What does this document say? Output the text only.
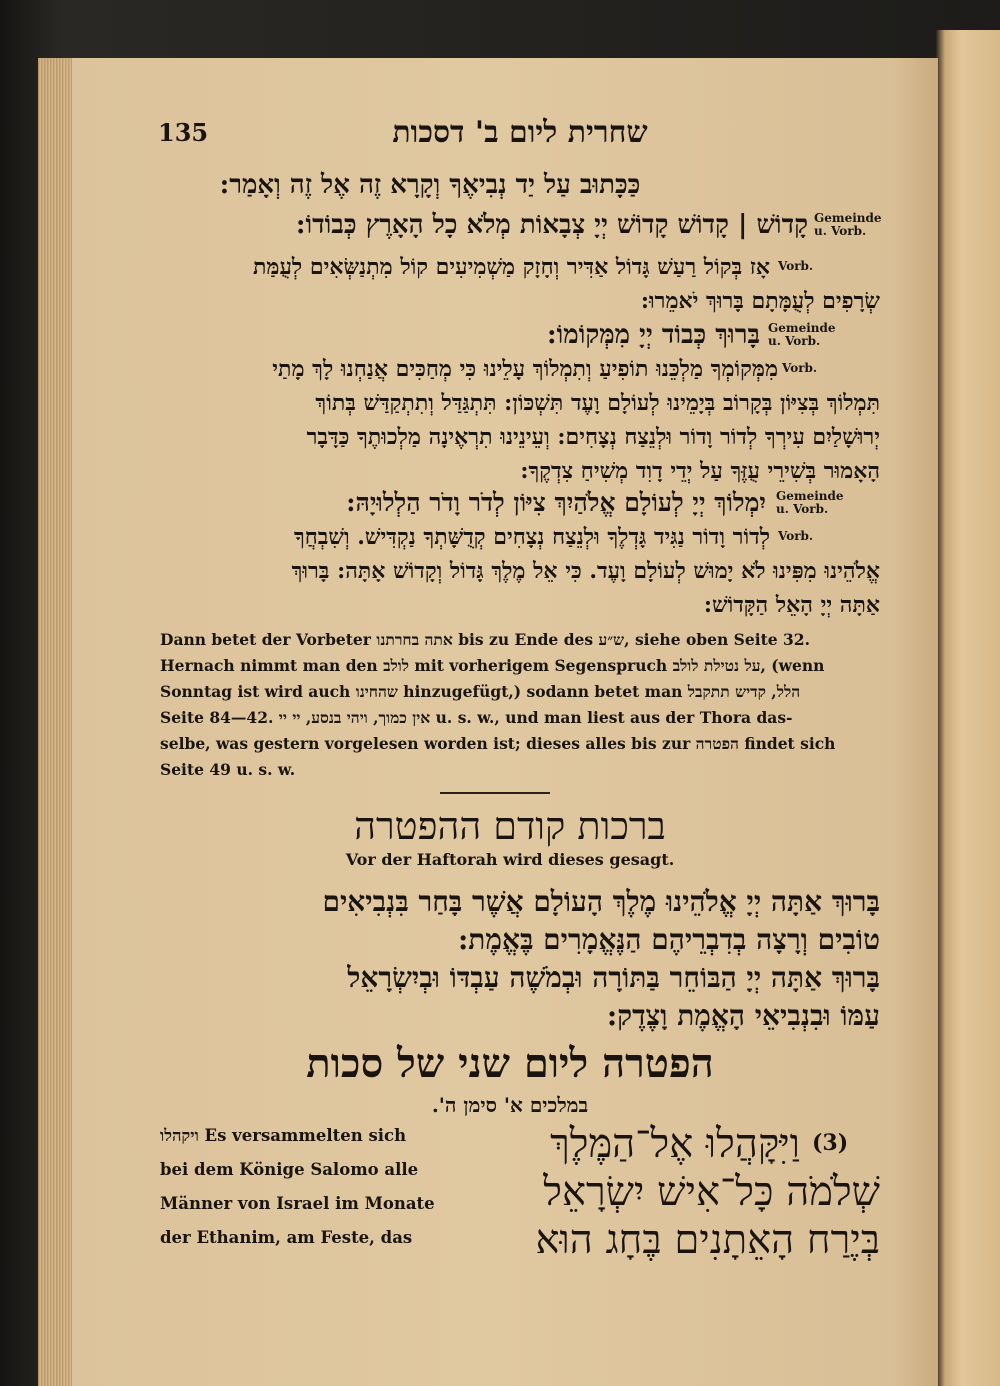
135	שחרית ליום ב' דסכות
כַּכָּתוּב עַל יַד נְבִיאֶךָ וְקָרָא זֶה אֶל זֶה וְאָמַר:
קָדוֹשׁ | קָדוֹשׁ קָדוֹשׁ יְיָ צְבָאוֹת מְלֹא כָל הָאָרֶץ כְּבוֹדוֹ: Gemeinde
u. Vorb.
אָז בְּקוֹל רַעַשׁ גָּדוֹל אַדִּיר וְחָזָק מַשְׁמִיעִים קוֹל מִתְנַשְּׂאִים לְעֻמַּת Vorb.
שְׂרָפִים לְעֻמָּתָם בָּרוּךְ יֹאמֵרוּ:
בָּרוּךְ כְּבוֹד יְיָ מִמְּקוֹמוֹ: Gemeinde
u. Vorb.
מִמְּקוֹמְךָ מַלְכֵּנוּ תוֹפִיעַ וְתִמְלוֹךְ עָלֵינוּ כִּי מְחַכִּים אֲנַחְנוּ לָךְ מָתַי Vorb.
תִּמְלוֹךְ בְּצִיּוֹן בְּקָרוֹב בְּיָמֵינוּ לְעוֹלָם וָעֶד תִּשְׁכּוֹן: תִּתְגַּדַּל וְתִתְקַדַּשׁ בְּתוֹךְ
יְרוּשָׁלַיִם עִירְךָ לְדוֹר וָדוֹר וּלְנֵצַח נְצָחִים: וְעֵינֵינוּ תִרְאֶינָה מַלְכוּתֶךָ כַּדָּבָר
הָאָמוּר בְּשִׁירֵי עֻזֶּךָ עַל יְדֵי דָוִד מְשִׁיחַ צִדְקֶךָ:
יִמְלוֹךְ יְיָ לְעוֹלָם אֱלֹהַיִךְ צִיּוֹן לְדֹר וָדֹר הַלְלוּיָהּ: Gemeinde
u. Vorb.
לְדוֹר וָדוֹר נַגִּיד גָּדְלֶךָ וּלְנֵצַח נְצָחִים קְדֻשָּׁתְךָ נַקְדִּישׁ. וְשִׁבְחֲךָ Vorb.
אֱלֹהֵינוּ מִפִּינוּ לֹא יָמוּשׁ לְעוֹלָם וָעֶד. כִּי אֵל מֶלֶךְ גָּדוֹל וְקָדוֹשׁ אָתָּה: בָּרוּךְ
אַתָּה יְיָ הָאֵל הַקָּדוֹשׁ:
Dann betet der Vorbeter אתה בחרתנו bis zu Ende des ש״ע, siehe oben Seite 32.
Hernach nimmt man den לולב mit vorherigem Segenspruch על נטילת לולב, (wenn
Sonntag ist wird auch שהחינו hinzugefügt,) sodann betet man הלל, קדיש תתקבל
Seite 84—42. אין כמוך, ויהי בנסע, יי יי u. s. w., und man liest aus der Thora das-
selbe, was gestern vorgelesen worden ist; dieses alles bis zur הפטרה findet sich
Seite 49 u. s. w.
ברכות קודם ההפטרה
Vor der Haftorah wird dieses gesagt.
בָּרוּךְ אַתָּה יְיָ אֱלֹהֵינוּ מֶלֶךְ הָעוֹלָם אֲשֶׁר בָּחַר בִּנְבִיאִים
טוֹבִים וְרָצָה בְדִבְרֵיהֶם הַנֶּאֱמָרִים בֶּאֱמֶת:
בָּרוּךְ אַתָּה יְיָ הַבּוֹחֵר בַּתּוֹרָה וּבְמֹשֶׁה עַבְדּוֹ וּבְיִשְׂרָאֵל
עַמּוֹ וּבִנְבִיאֵי הָאֱמֶת וָצֶדֶק:
הפטרה ליום שני של סכות
במלכים א' סימן ה'.
(3)
וַיִּקָּהֲלוּ אֶל־הַמֶּלֶךְ
שְׁלֹמֹה כָּל־אִישׁ יִשְׂרָאֵל
בְּיֶרַח הָאֵתָנִים בֶּחָג הוּא
ויקהלו Es versammelten sich
bei dem Könige Salomo alle
Männer von Israel im Monate
der Ethanim, am Feste, das
